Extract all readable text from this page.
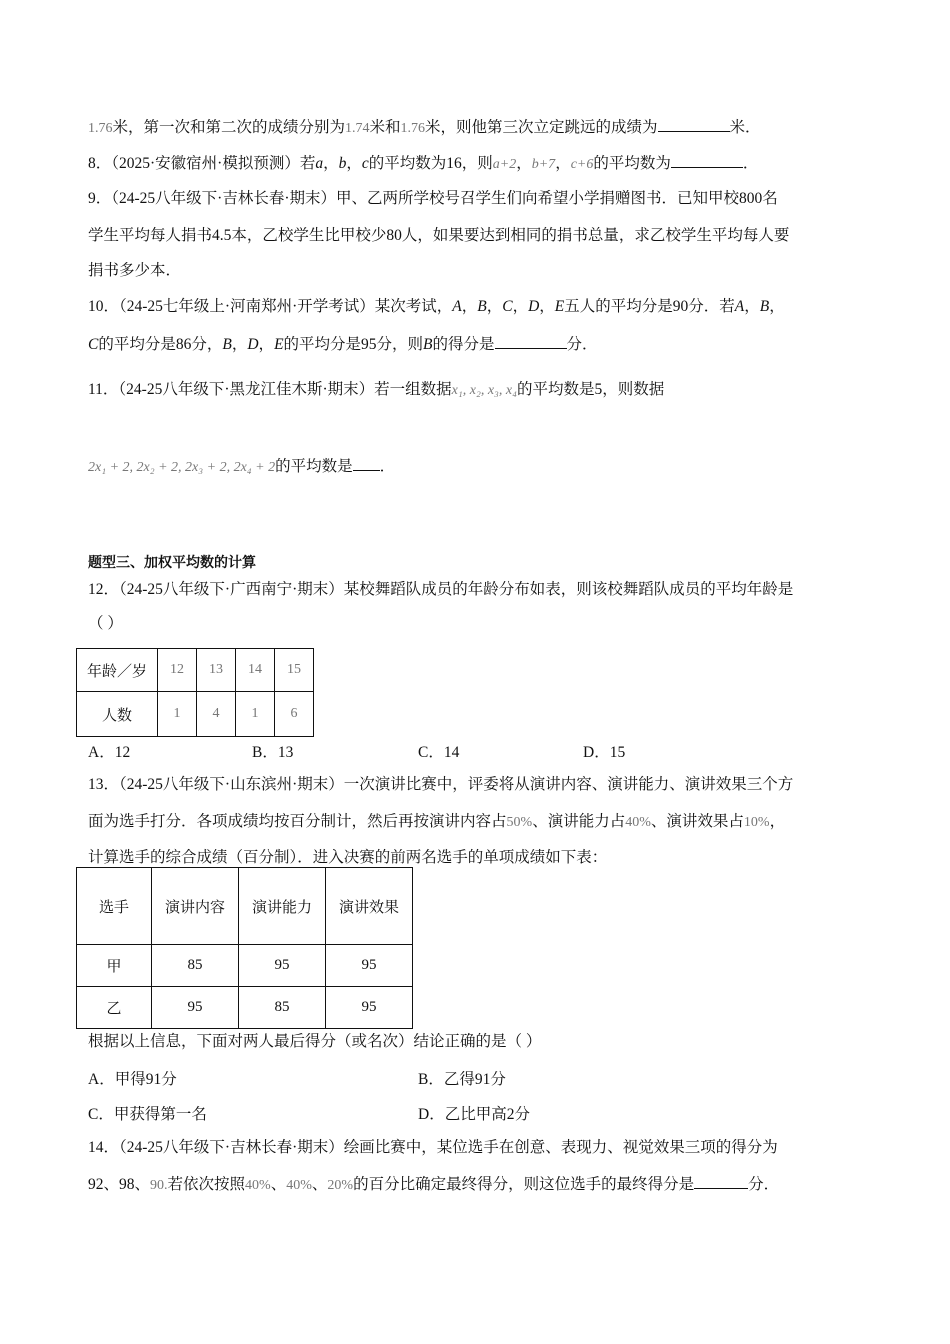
1.76米，第一次和第二次的成绩分别为1.74米和1.76米，则他第三次立定跳远的成绩为	米．
8．（2025·安徽宿州·模拟预测）若a，b，c的平均数为16，则a+2，b+7，c+6的平均数为	．
9．（24-25八年级下·吉林长春·期末）甲、乙两所学校号召学生们向希望小学捐赠图书．已知甲校800名
学生平均每人捐书4.5本，乙校学生比甲校少80人，如果要达到相同的捐书总量，求乙校学生平均每人要
捐书多少本．
10．（24-25七年级上·河南郑州·开学考试）某次考试，A，B，C，D，E五人的平均分是90分．若A，B，
C的平均分是86分，B，D，E的平均分是95分，则B的得分是	分．
11．（24-25八年级下·黑龙江佳木斯·期末）若一组数据x₁, x₂, x₃, x₄的平均数是5，则数据
2x₁ + 2, 2x₂ + 2, 2x₃ + 2, 2x₄ + 2的平均数是 ．
题型三、加权平均数的计算
12．（24-25八年级下·广西南宁·期末）某校舞蹈队成员的年龄分布如表，则该校舞蹈队成员的平均年龄是
（ ）
13．（24-25八年级下·山东滨州·期末）一次演讲比赛中，评委将从演讲内容、演讲能力、演讲效果三个方
面为选手打分．各项成绩均按百分制计，然后再按演讲内容占50%、演讲能力占40%、演讲效果占10%，
计算选手的综合成绩（百分制）．进入决赛的前两名选手的单项成绩如下表：
根据以上信息，下面对两人最后得分（或名次）结论正确的是（ ）
14．（24-25八年级下·吉林长春·期末）绘画比赛中，某位选手在创意、表现力、视觉效果三项的得分为
92、98、90.若依次按照40%、40%、20%的百分比确定最终得分，则这位选手的最终得分是	分．
年龄／岁	12	13	14	15
人数	1	4	1	6
A．12	B．13	C．14	D．15
选手	演讲内容	演讲能力	演讲效果
甲	85	95	95
乙	95	85	95
A．甲得91分	B．乙得91分
C．甲获得第一名	D．乙比甲高2分
